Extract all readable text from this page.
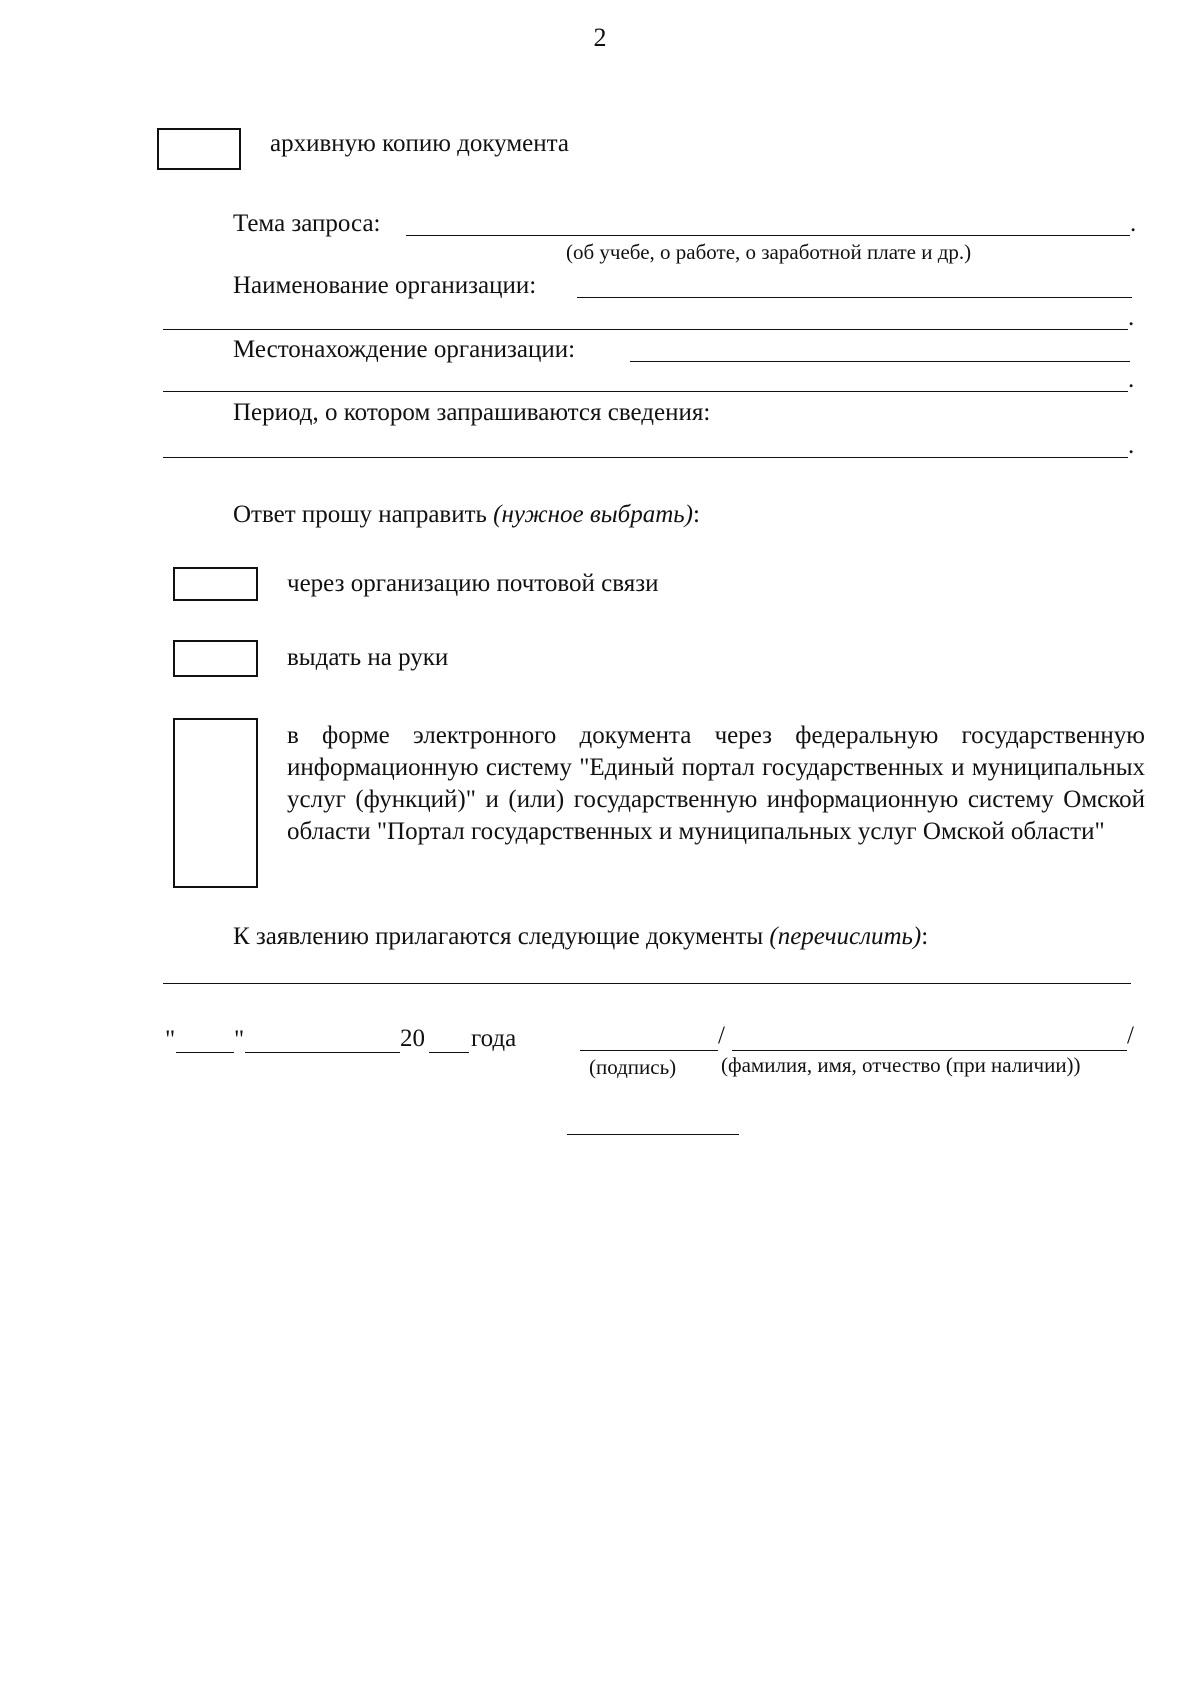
2
архивную копию документа
Тема запроса:	.
(об учебе, о работе, о заработной плате и др.)
Наименование организации:
.
Местонахождение организации:
.
Период, о котором запрашиваются сведения:
.
Ответ прошу направить (нужное выбрать):
через организацию почтовой связи
выдать на руки
в форме электронного документа через федеральную государственную информационную систему "Единый портал государственных и муниципальных услуг (функций)" и (или) государственную информационную систему Омской области "Портал государственных и муниципальных услуг Омской области"
К заявлению прилагаются следующие документы (перечислить):
" "	20 года	/	/
(подпись) (фамилия, имя, отчество (при наличии))
